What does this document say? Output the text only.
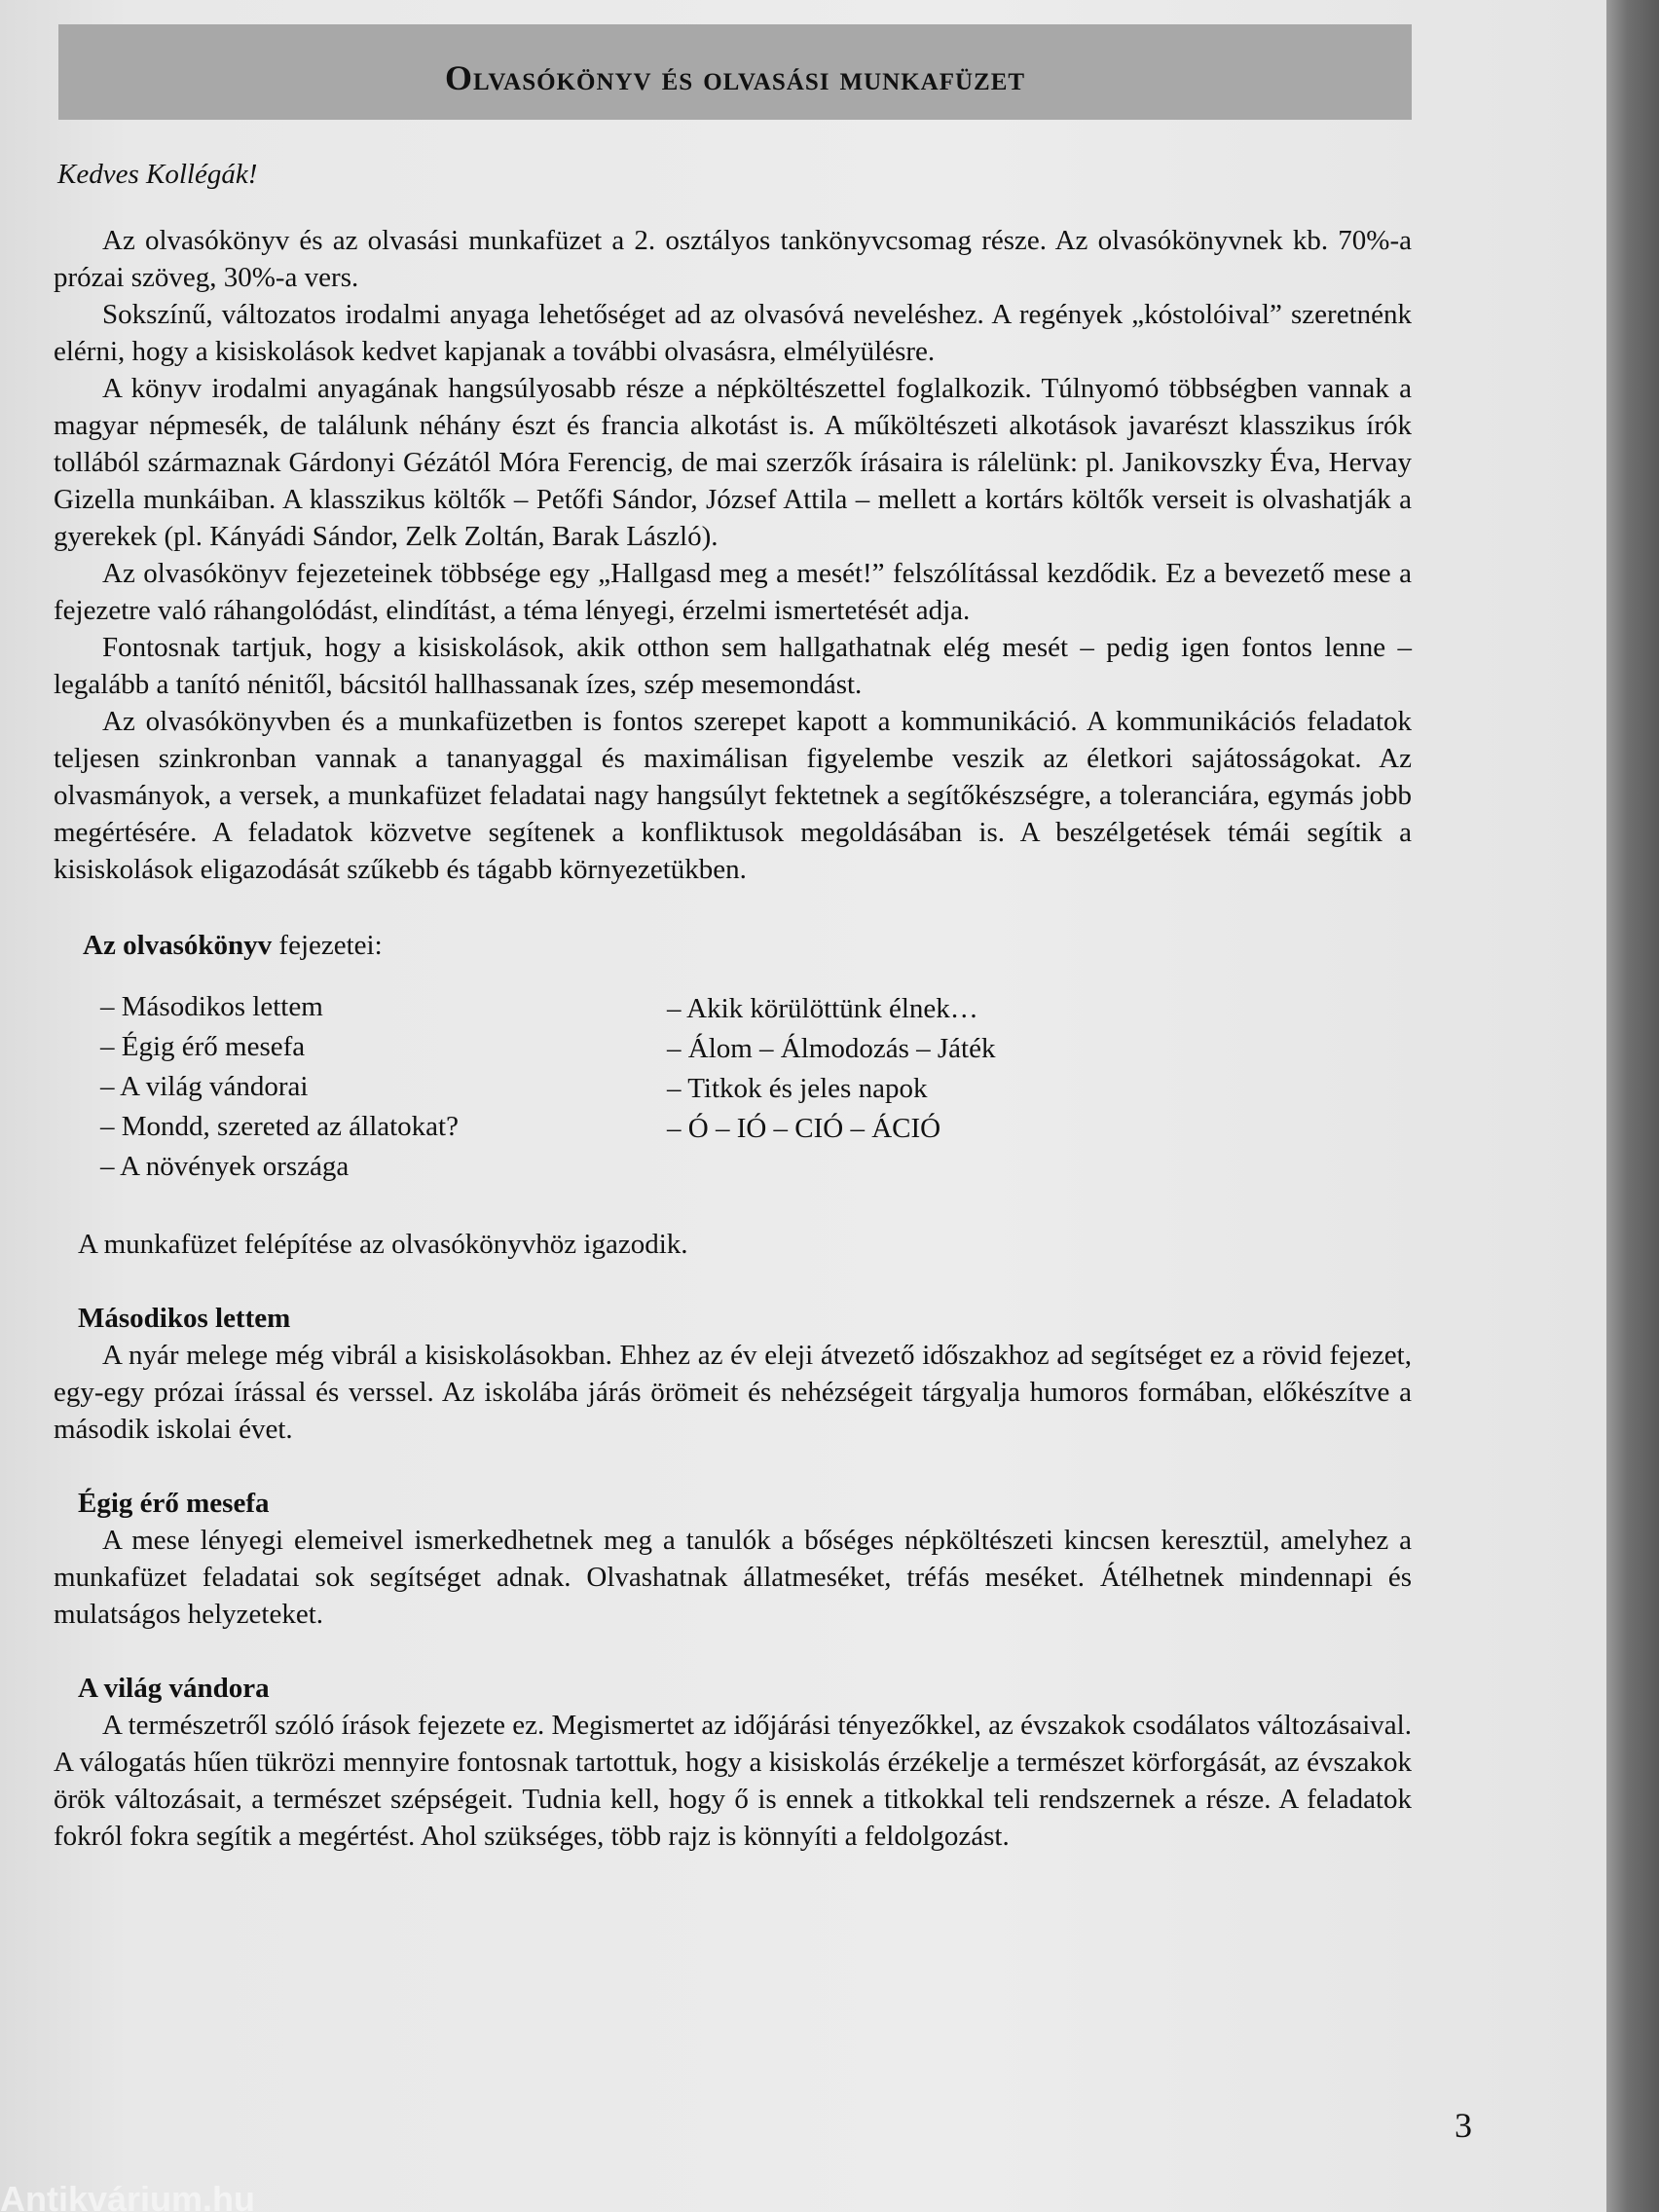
Olvasókönyv és olvasási munkafüzet
Kedves Kollégák!

Az olvasókönyv és az olvasási munkafüzet a 2. osztályos tankönyvcsomag része. Az olvasókönyvnek kb. 70%-a prózai szöveg, 30%-a vers.

Sokszínű, változatos irodalmi anyaga lehetőséget ad az olvasóvá neveléshez. A regények „kóstolóival” szeretnénk elérni, hogy a kisiskolások kedvet kapjanak a további olvasásra, elmélyülésre.

A könyv irodalmi anyagának hangsúlyosabb része a népköltészettel foglalkozik. Túlnyomó többségben vannak a magyar népmesék, de találunk néhány észt és francia alkotást is. A műköltészeti alkotások javarészt klasszikus írók tollából származnak Gárdonyi Gézától Móra Ferencig, de mai szerzők írásaira is rálelünk: pl. Janikovszky Éva, Hervay Gizella munkáiban. A klasszikus költők – Petőfi Sándor, József Attila – mellett a kortárs költők verseit is olvashatják a gyerekek (pl. Kányádi Sándor, Zelk Zoltán, Barak László).

Az olvasókönyv fejezeteinek többsége egy „Hallgasd meg a mesét!” felszólítással kezdődik. Ez a bevezető mese a fejezetre való ráhangolódást, elindítást, a téma lényegi, érzelmi ismertetését adja.

Fontosnak tartjuk, hogy a kisiskolások, akik otthon sem hallgathatnak elég mesét – pedig igen fontos lenne – legalább a tanító nénitől, bácsitól hallhassanak ízes, szép mesemondást.

Az olvasókönyvben és a munkafüzetben is fontos szerepet kapott a kommunikáció. A kommunikációs feladatok teljesen szinkronban vannak a tananyaggal és maximálisan figyelembe veszik az életkori sajátosságokat. Az olvasmányok, a versek, a munkafüzet feladatai nagy hangsúlyt fektetnek a segítőkészségre, a toleranciára, egymás jobb megértésére. A feladatok közvetve segítenek a konfliktusok megoldásában is. A beszélgetések témái segítik a kisiskolások eligazodását szűkebb és tágabb környezetükben.

Az olvasókönyv fejezetei:
– Másodikos lettem
– Égig érő mesefa
– A világ vándorai
– Mondd, szereted az állatokat?
– A növények országa
– Akik körülöttünk élnek…
– Álom – Álmodozás – Játék
– Titkok és jeles napok
– Ó – IÓ – CIÓ – ÁCIÓ
A munkafüzet felépítése az olvasókönyvhöz igazodik.
Másodikos lettem

A nyár melege még vibrál a kisiskolásokban. Ehhez az év eleji átvezető időszakhoz ad segítséget ez a rövid fejezet, egy-egy prózai írással és verssel. Az iskolába járás örömeit és nehézségeit tárgyalja humoros formában, előkészítve a második iskolai évet.

Égig érő mesefa

A mese lényegi elemeivel ismerkedhetnek meg a tanulók a bőséges népköltészeti kincsen keresztül, amelyhez a munkafüzet feladatai sok segítséget adnak. Olvashatnak állatmeséket, tréfás meséket. Átélhetnek mindennapi és mulatságos helyzeteket.

A világ vándora

A természetről szóló írások fejezete ez. Megismertet az időjárási tényezőkkel, az évszakok csodálatos változásaival. A válogatás hűen tükrözi mennyire fontosnak tartottuk, hogy a kisiskolás érzékelje a természet körforgását, az évszakok örök változásait, a természet szépségeit. Tudnia kell, hogy ő is ennek a titkokkal teli rendszernek a része. A feladatok fokról fokra segítik a megértést. Ahol szükséges, több rajz is könnyíti a feldolgozást.

3
Antikvárium.hu
